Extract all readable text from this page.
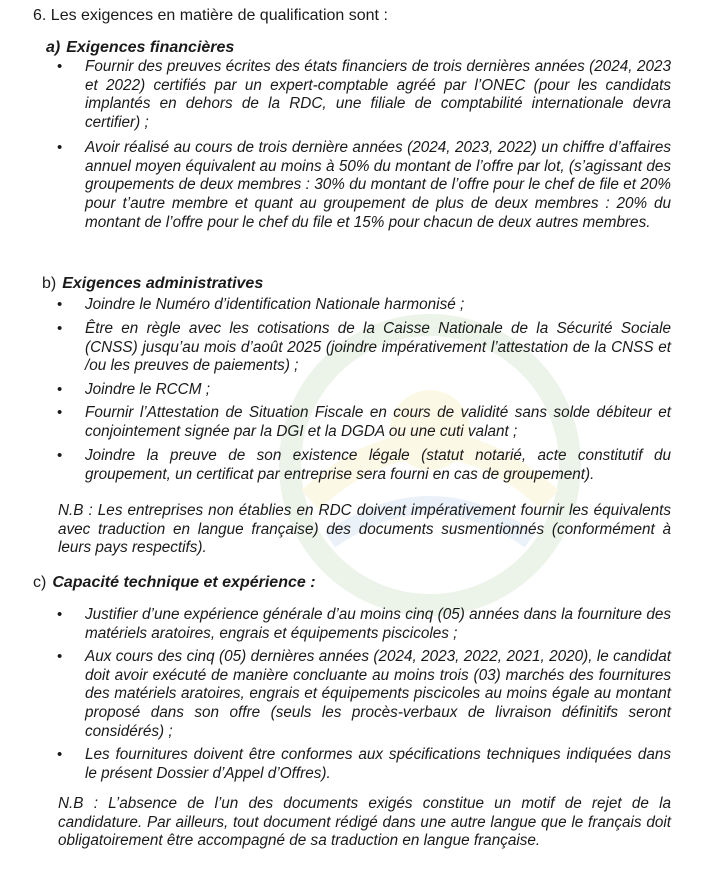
6. Les exigences en matière de qualification sont :
a) Exigences financières
•	Fournir des preuves écrites des états financiers de trois dernières années (2024, 2023 et 2022) certifiés par un expert-comptable agréé par l’ONEC (pour les candidats implantés en dehors de la RDC, une filiale de comptabilité internationale devra certifier) ;
•	Avoir réalisé au cours de trois dernière années (2024, 2023, 2022) un chiffre d’affaires annuel moyen équivalent au moins à 50% du montant de l’offre par lot, (s’agissant des groupements de deux membres : 30% du montant de l’offre pour le chef de file et 20% pour t’autre membre et quant au groupement de plus de deux membres : 20% du montant de l’offre pour le chef du file et 15% pour chacun de deux autres membres.
b) Exigences administratives
•	Joindre le Numéro d’identification Nationale harmonisé ;
•	Être en règle avec les cotisations de la Caisse Nationale de la Sécurité Sociale (CNSS) jusqu’au mois d’août 2025 (joindre impérativement l’attestation de la CNSS et /ou les preuves de paiements) ;
•	Joindre le RCCM ;
•	Fournir l’Attestation de Situation Fiscale en cours de validité sans solde débiteur et conjointement signée par la DGI et la DGDA ou une cuti valant ;
•	Joindre la preuve de son existence légale (statut notarié, acte constitutif du groupement, un certificat par entreprise sera fourni en cas de groupement).
N.B : Les entreprises non établies en RDC doivent impérativement fournir les équivalents avec traduction en langue française) des documents susmentionnés (conformément à leurs pays respectifs).
c) Capacité technique et expérience :
•	Justifier d’une expérience générale d’au moins cinq (05) années dans la fourniture des matériels aratoires, engrais et équipements piscicoles ;
•	Aux cours des cinq (05) dernières années (2024, 2023, 2022, 2021, 2020), le candidat doit avoir exécuté de manière concluante au moins trois (03) marchés des fournitures des matériels aratoires, engrais et équipements piscicoles au moins égale au montant proposé dans son offre (seuls les procès-verbaux de livraison définitifs seront considérés) ;
•	Les fournitures doivent être conformes aux spécifications techniques indiquées dans le présent Dossier d’Appel d’Offres).
N.B : L’absence de l’un des documents exigés constitue un motif de rejet de la candidature. Par ailleurs, tout document rédigé dans une autre langue que le français doit obligatoirement être accompagné de sa traduction en langue française.
